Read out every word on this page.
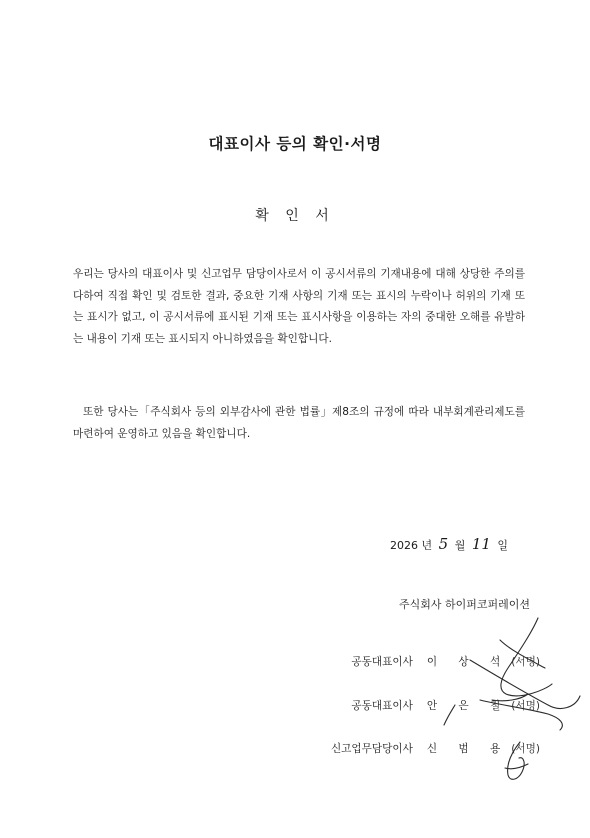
대표이사 등의 확인·서명
확 인 서

우리는 당사의 대표이사 및 신고업무 담당이사로서 이 공시서류의 기재내용에 대해 상당한 주의를 다하여 직접 확인 및 검토한 결과, 중요한 기재 사항의 기재 또는 표시의 누락이나 허위의 기재 또는 표시가 없고, 이 공시서류에 표시된 기재 또는 표시사항을 이용하는 자의 중대한 오해를 유발하는 내용이 기재 또는 표시되지 아니하였음을 확인합니다.

또한 당사는「주식회사 등의 외부감사에 관한 법률」제8조의 규정에 따라 내부회계관리제도를 마련하여 운영하고 있음을 확인합니다.

2026 년 5 월 11 일
주식회사 하이퍼코퍼레이션
공동대표이사 이 상 석 (서명)
공동대표이사 안 은 철 (서명)
신고업무담당이사 신 범 용 (서명)
